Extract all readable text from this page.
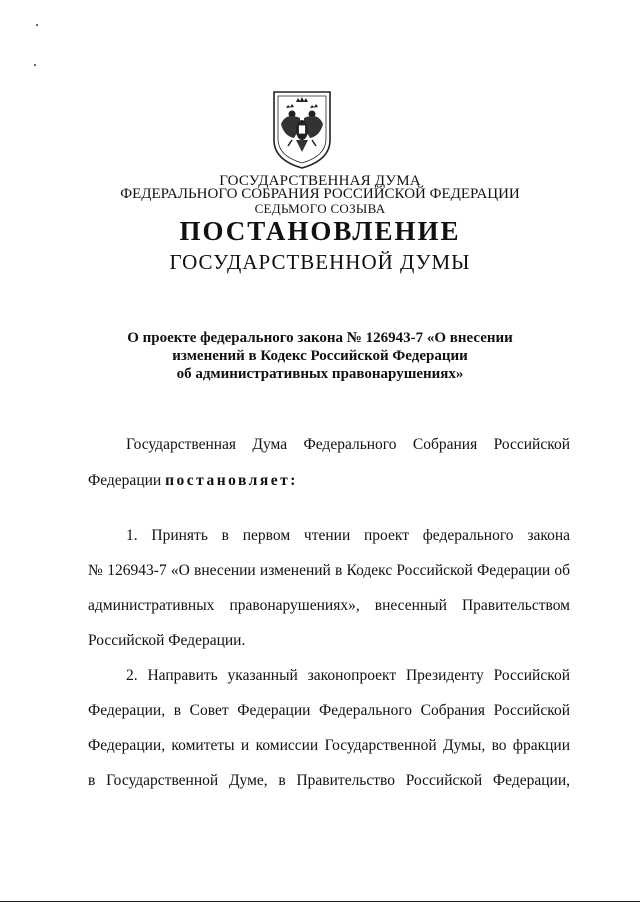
ГОСУДАРСТВЕННАЯ ДУМА
ФЕДЕРАЛЬНОГО СОБРАНИЯ РОССИЙСКОЙ ФЕДЕРАЦИИ
СЕДЬМОГО СОЗЫВА
ПОСТАНОВЛЕНИЕ
ГОСУДАРСТВЕННОЙ ДУМЫ
О проекте федерального закона № 126943-7 «О внесении
изменений в Кодекс Российской Федерации
об административных правонарушениях»
Государственная Дума Федерального Собрания Российской
Федерации постановляет:
1. Принять в первом чтении проект федерального закона
№ 126943-7 «О внесении изменений в Кодекс Российской Федерации об
административных правонарушениях», внесенный Правительством
Российской Федерации.
2. Направить указанный законопроект Президенту Российской
Федерации, в Совет Федерации Федерального Собрания Российской
Федерации, комитеты и комиссии Государственной Думы, во фракции
в Государственной Думе, в Правительство Российской Федерации,
